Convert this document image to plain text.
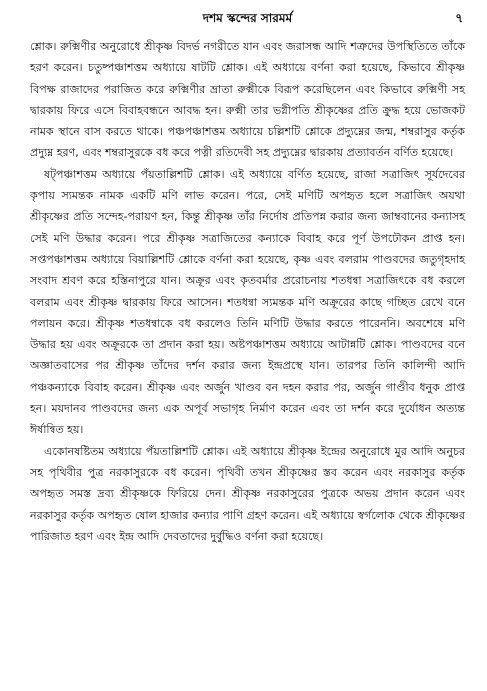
দশম স্কন্দের সারমর্ম	৭

শ্লোক। রুক্মিণীর অনুরোধে শ্রীকৃষ্ণ বিদর্ভ নগরীতে যান এবং জরাসন্ধ আদি শত্রুদের উপস্থিতিতে তাঁকে হরণ করেন। চতুষ্পঞ্চাশত্তম অধ্যায়ে ষাটটি শ্লোক। এই অধ্যায়ে বর্ণনা করা হয়েছে, কিভাবে শ্রীকৃষ্ণ বিপক্ষ রাজাদের পরাজিত করে রুক্মিণীর ভ্রাতা রুক্মীকে বিরূপ করেছিলেন এবং কিভাবে রুক্মিণী সহ দ্বারকায় ফিরে এসে বিবাহবন্ধনে আবদ্ধ হন। রুক্মী তার ভগ্নীপতি শ্রীকৃষ্ণের প্রতি ক্রুদ্ধ হয়ে ভোজকট নামক স্থানে বাস করতে থাকে। পঞ্চপঞ্চাশত্তম অধ্যায়ে চল্লিশটি শ্লোকে প্রদ্যুম্নের জন্ম, শম্বরাসুর কর্তৃক প্রদ্যুম্ন হরণ, এবং শম্বরাসুরকে বধ করে পত্নী রতিদেবী সহ প্রদ্যুম্নের দ্বারকায় প্রত্যাবর্তন বর্ণিত হয়েছে।

ষট্পঞ্চাশত্তম অধ্যায়ে পঁয়তাল্লিশটি শ্লোক। এই অধ্যায়ে বর্ণিত হয়েছে, রাজা সত্রাজিৎ সূর্যদেবের কৃপায় স্যমন্তক নামক একটি মণি লাভ করেন। পরে, সেই মণিটি অপহৃত হলে সত্রাজিৎ অযথা শ্রীকৃষ্ণের প্রতি সন্দেহ-পরায়ণ হন, কিন্তু শ্রীকৃষ্ণ তাঁর নির্দোষ প্রতিপন্ন করার জন্য জাম্ববানের কন্যাসহ সেই মণি উদ্ধার করেন। পরে শ্রীকৃষ্ণ সত্রাজিতের কন্যাকে বিবাহ করে পূর্ণ উপঢৌকন প্রাপ্ত হন। সপ্তপঞ্চাশত্তম অধ্যায়ে বিয়াল্লিশটি শ্লোকে বর্ণনা করা হয়েছে, কৃষ্ণ এবং বলরাম পাণ্ডবদের জতুগৃহদাহ সংবাদ শ্রবণ করে হস্তিনাপুরে যান। অক্রূর এবং কৃতবর্মার প্ররোচনায় শতধন্বা সত্রাজিৎকে বধ করলে বলরাম এবং শ্রীকৃষ্ণ দ্বারকায় ফিরে আসেন। শতধন্বা স্যমন্তক মণি অক্রূরের কাছে গচ্ছিত রেখে বনে পলায়ন করে। শ্রীকৃষ্ণ শতধন্বাকে বধ করলেও তিনি মণিটি উদ্ধার করতে পারেননি। অবশেষে মণি উদ্ধার হয় এবং অক্রূরকে তা প্রদান করা হয়। অষ্টপঞ্চাশত্তম অধ্যায়ে আটান্নটি শ্লোক। পাণ্ডবদের বনে অজ্ঞাতবাসের পর শ্রীকৃষ্ণ তাঁদের দর্শন করার জন্য ইন্দ্রপ্রস্থে যান। তারপর তিনি কালিন্দী আদি পঞ্চকন্যাকে বিবাহ করেন। শ্রীকৃষ্ণ এবং অর্জুন খাণ্ডব বন দহন করার পর, অর্জুন গাণ্ডীব ধনুক প্রাপ্ত হন। ময়দানব পাণ্ডবদের জন্য এক অপূর্ব সভাগৃহ নির্মাণ করেন এবং তা দর্শন করে দুর্যোধন অত্যন্ত ঈর্ষান্বিত হয়।

একোনষষ্টিতম অধ্যায়ে পঁয়তাল্লিশটি শ্লোক। এই অধ্যায়ে শ্রীকৃষ্ণ ইন্দ্রের অনুরোধে মুর আদি অনুচর সহ পৃথিবীর পুত্র নরকাসুরকে বধ করেন। পৃথিবী তখন শ্রীকৃষ্ণের স্তব করেন এবং নরকাসুর কর্তৃক অপহৃত সমস্ত দ্রব্য শ্রীকৃষ্ণকে ফিরিয়ে দেন। শ্রীকৃষ্ণ নরকাসুরের পুত্রকে অভয় প্রদান করেন এবং নরকাসুর কর্তৃক অপহৃত ষোল হাজার কন্যার পাণি গ্রহণ করেন। এই অধ্যায়ে স্বর্গলোক থেকে শ্রীকৃষ্ণের পারিজাত হরণ এবং ইন্দ্র আদি দেবতাদের দুর্বুদ্ধিও বর্ণনা করা হয়েছে।
